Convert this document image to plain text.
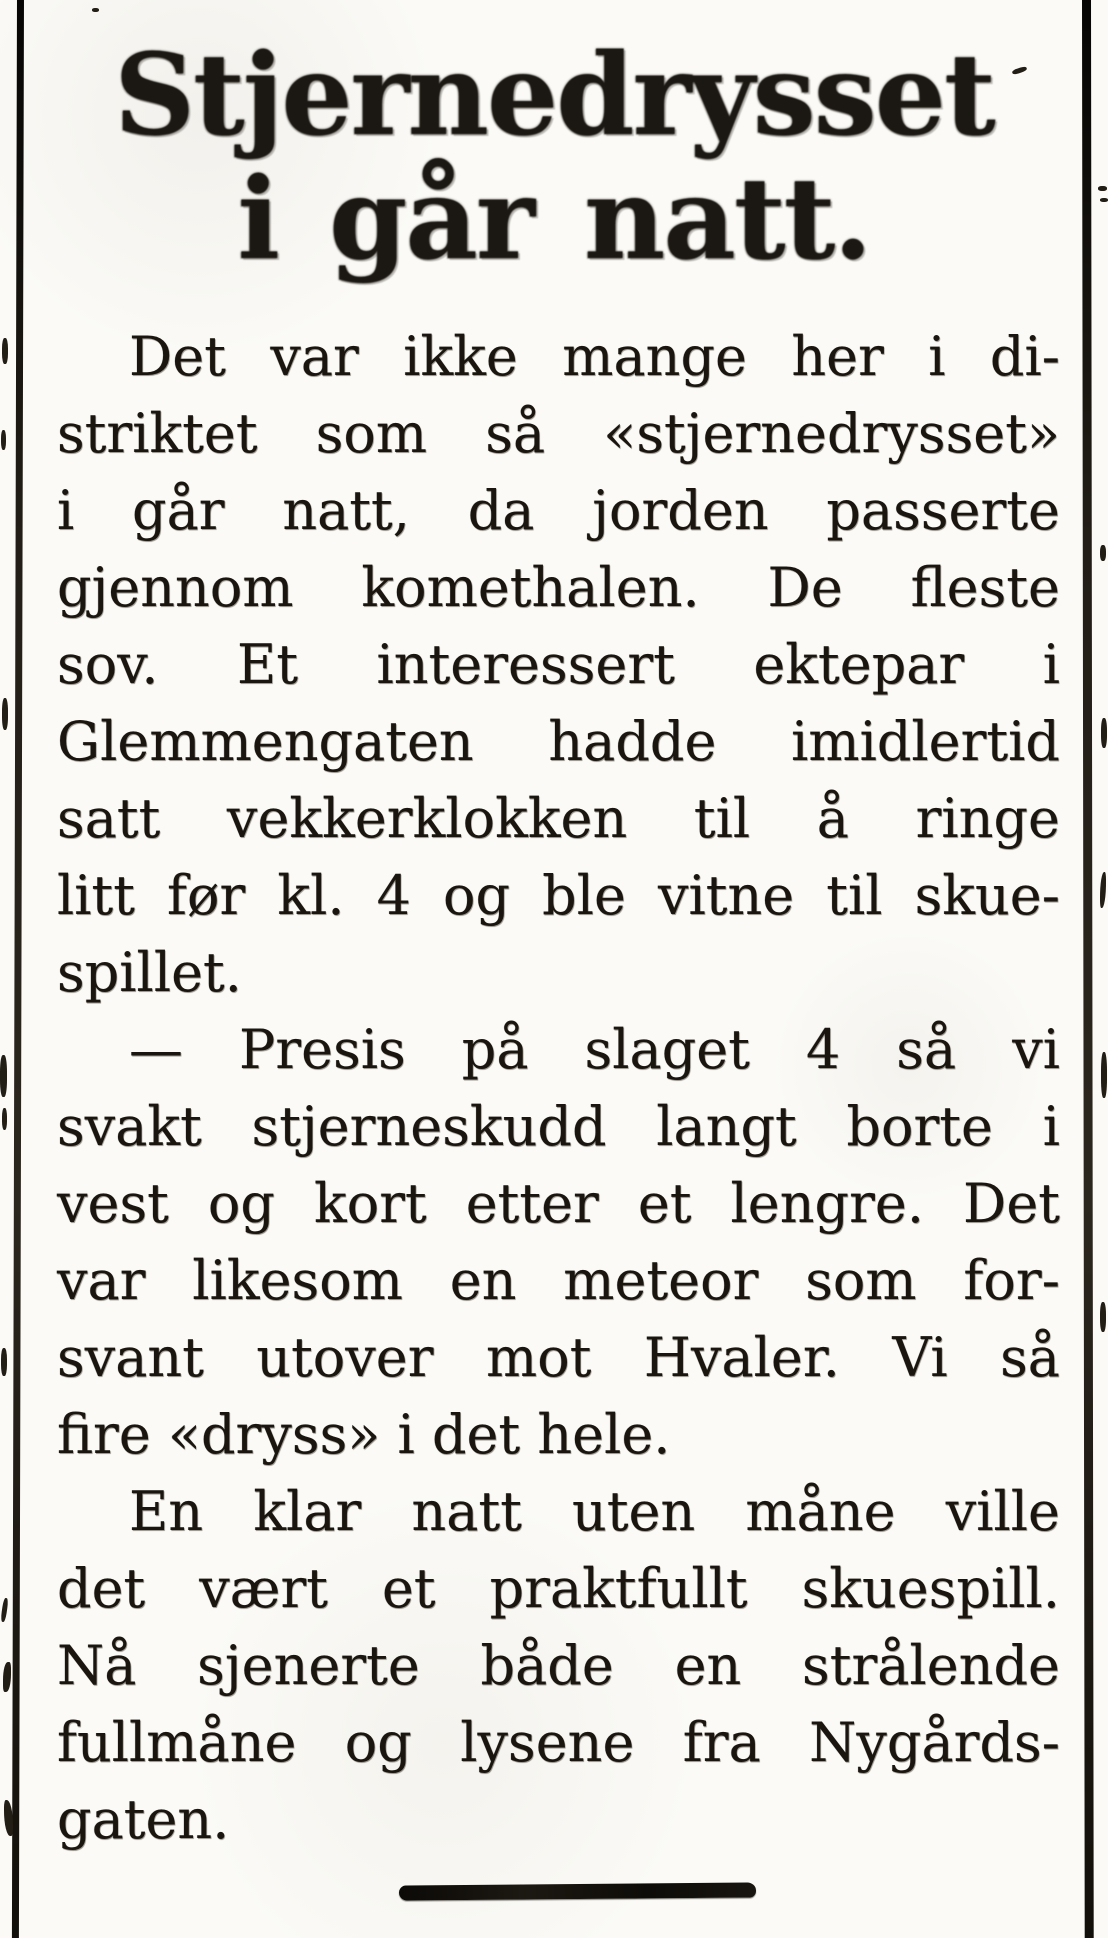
Stjernedrysset
i går natt.
Det var ikke mange her i di-
striktet som så «stjernedrysset»
i går natt, da jorden passerte
gjennom komethalen. De fleste
sov. Et interessert ektepar i
Glemmengaten hadde imidlertid
satt vekkerklokken til å ringe
litt før kl. 4 og ble vitne til skue-
spillet.
— Presis på slaget 4 så vi
svakt stjerneskudd langt borte i
vest og kort etter et lengre. Det
var likesom en meteor som for-
svant utover mot Hvaler. Vi så
fire «dryss» i det hele.
En klar natt uten måne ville
det vært et praktfullt skuespill.
Nå sjenerte både en strålende
fullmåne og lysene fra Nygårds-
gaten.
